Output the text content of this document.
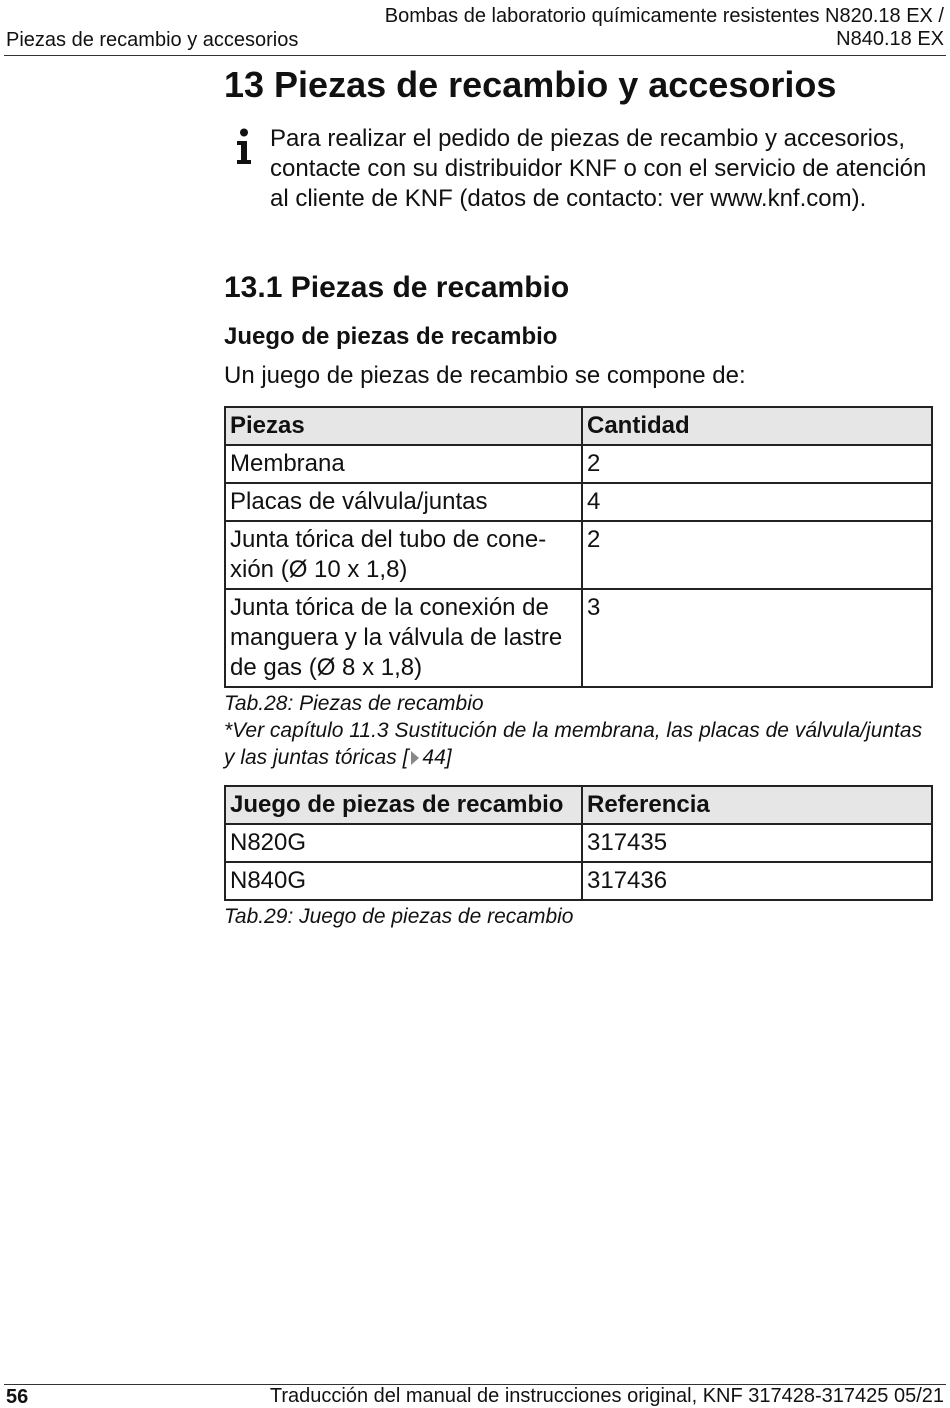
Piezas de recambio y accesorios
Bombas de laboratorio químicamente resistentes N820.18 EX /
N840.18 EX
13 Piezas de recambio y accesorios

Para realizar el pedido de piezas de recambio y accesorios, contacte con su distribuidor KNF o con el servicio de atención al cliente de KNF (datos de contacto: ver www.knf.com).

13.1 Piezas de recambio
Juego de piezas de recambio

Un juego de piezas de recambio se compone de:

Piezas	Cantidad
Membrana	2
Placas de válvula/juntas	4
Junta tórica del tubo de conexión (Ø 10 x 1,8)	2
Junta tórica de la conexión de manguera y la válvula de lastre de gas (Ø 8 x 1,8)	3

Tab.28: Piezas de recambio

*Ver capítulo 11.3 Sustitución de la membrana, las placas de válvula/juntas y las juntas tóricas [ 44]

Juego de piezas de recambio	Referencia
N820G	317435
N840G	317436

Tab.29: Juego de piezas de recambio

56	Traducción del manual de instrucciones original, KNF 317428-317425 05/21
